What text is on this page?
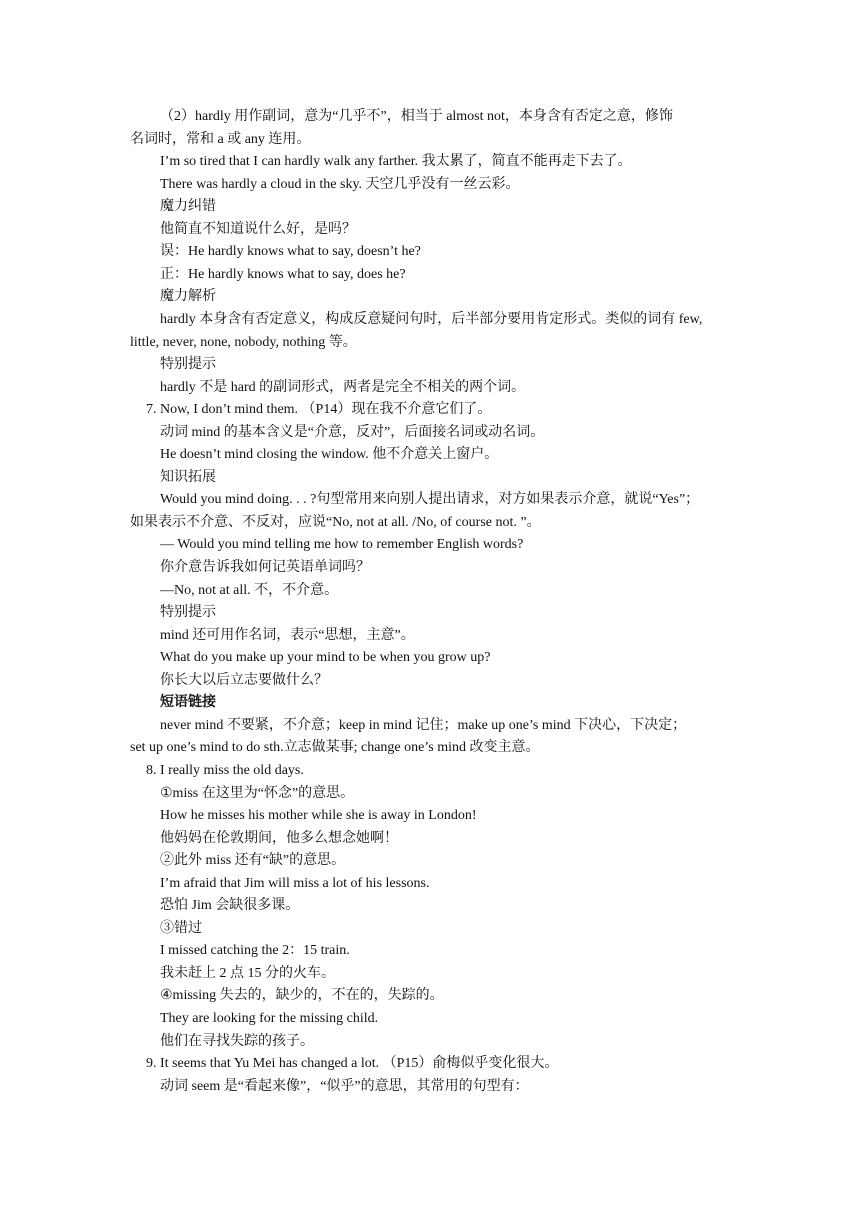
（2）hardly 用作副词，意为“几乎不”，相当于 almost not，本身含有否定之意，修饰
名词时，常和 a 或 any 连用。
I’m so tired that I can hardly walk any farther. 我太累了，简直不能再走下去了。
There was hardly a cloud in the sky. 天空几乎没有一丝云彩。
魔力纠错
他简直不知道说什么好，是吗？
误：He hardly knows what to say, doesn’t he?
正：He hardly knows what to say, does he?
魔力解析
hardly 本身含有否定意义，构成反意疑问句时，后半部分要用肯定形式。类似的词有 few,
little, never, none, nobody, nothing 等。
特别提示
hardly 不是 hard 的副词形式，两者是完全不相关的两个词。
7. Now, I don’t mind them. （P14）现在我不介意它们了。
动词 mind 的基本含义是“介意，反对”，后面接名词或动名词。
He doesn’t mind closing the window. 他不介意关上窗户。
知识拓展
Would you mind doing. . . ?句型常用来向别人提出请求，对方如果表示介意，就说“Yes”；
如果表示不介意、不反对，应说“No, not at all. /No, of course not. ”。
— Would you mind telling me how to remember English words?
你介意告诉我如何记英语单词吗？
—No, not at all. 不，不介意。
特别提示
mind 还可用作名词，表示“思想，主意”。
What do you make up your mind to be when you grow up?
你长大以后立志要做什么？
短语链接
never mind 不要紧，不介意；keep in mind 记住；make up one’s mind 下决心，下决定；
set up one’s mind to do sth.立志做某事; change one’s mind 改变主意。
8. I really miss the old days.
①miss 在这里为“怀念”的意思。
How he misses his mother while she is away in London!
他妈妈在伦敦期间，他多么想念她啊！
②此外 miss 还有“缺”的意思。
I’m afraid that Jim will miss a lot of his lessons.
恐怕 Jim 会缺很多课。
③错过
I missed catching the 2：15 train.
我未赶上 2 点 15 分的火车。
④missing 失去的，缺少的，不在的，失踪的。
They are looking for the missing child.
他们在寻找失踪的孩子。
9. It seems that Yu Mei has changed a lot. （P15）俞梅似乎变化很大。
动词 seem 是“看起来像”，“似乎”的意思，其常用的句型有：
